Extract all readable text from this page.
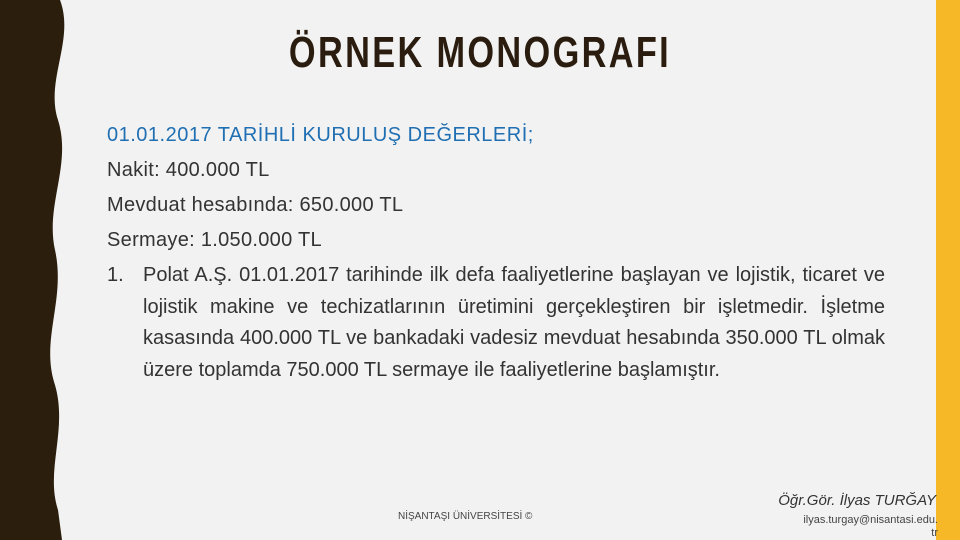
ÖRNEK MONOGRAFI
01.01.2017 TARİHLİ KURULUŞ DEĞERLERİ;
Nakit: 400.000 TL
Mevduat hesabında: 650.000 TL
Sermaye: 1.050.000 TL
1. Polat A.Ş. 01.01.2017 tarihinde ilk defa faaliyetlerine başlayan ve lojistik, ticaret ve lojistik makine ve techizatlarının üretimini gerçekleştiren bir işletmedir. İşletme kasasında 400.000 TL ve bankadaki vadesiz mevduat hesabında 350.000 TL olmak üzere toplamda 750.000 TL sermaye ile faaliyetlerine başlamıştır.
NİŞANTAŞI ÜNİVERSİTESİ ©
Öğr.Gör. İlyas TURĞAY
ilyas.turgay@nisantasi.edu.
tr
